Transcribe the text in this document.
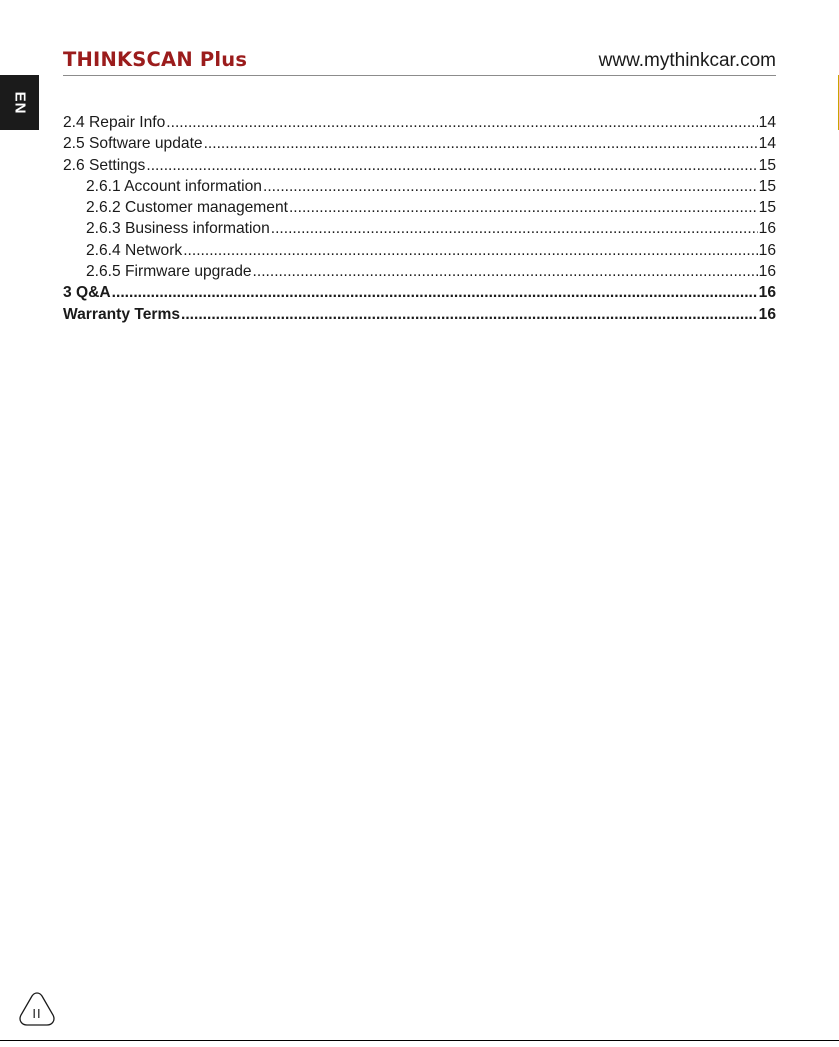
THINKSCAN Plus	www.mythinkcar.com
EN
2.4 Repair Info .....	14
2.5 Software update .....	14
2.6 Settings .....	15
2.6.1 Account information .....	15
2.6.2 Customer management .....	15
2.6.3 Business information .....	16
2.6.4 Network .....	16
2.6.5 Firmware upgrade .....	16
3 Q&A .....	16
Warranty Terms .....	16
II
